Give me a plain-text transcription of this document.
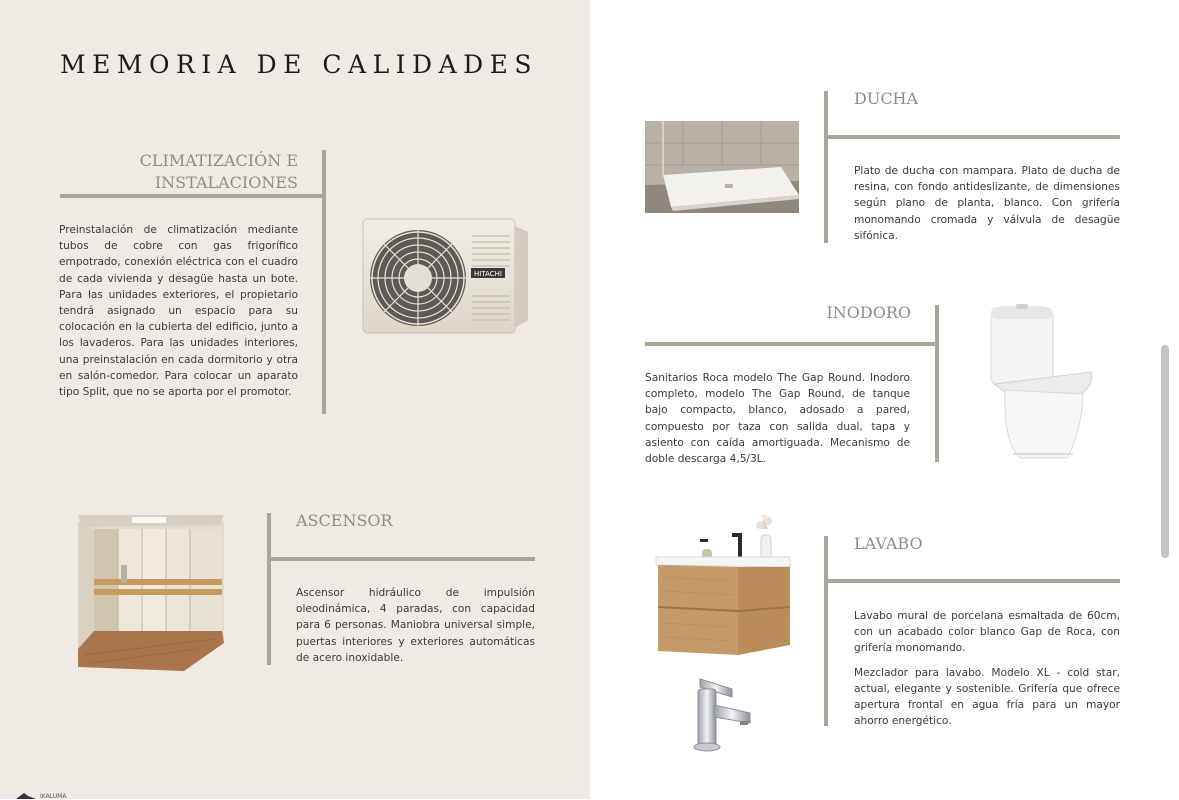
MEMORIA DE CALIDADES
CLIMATIZACIÓN E
INSTALACIONES
Preinstalación de climatización mediante tubos de cobre con gas frigorífico empotrado, conexión eléctrica con el cuadro de cada vivienda y desagüe hasta un bote. Para las unidades exteriores, el propietario tendrá asignado un espacio para su colocación en la cubierta del edificio, junto a los lavaderos. Para las unidades interiores, una preinstalación en cada dormitorio y otra en salón-comedor. Para colocar un aparato tipo Split, que no se aporta por el promotor.
HITACHI
ASCENSOR
Ascensor hidráulico de impulsión oleodinámica, 4 paradas, con capacidad para 6 personas. Maniobra universal simple, puertas interiores y exteriores automáticas de acero inoxidable.
DUCHA
Plato de ducha con mampara. Plato de ducha de resina, con fondo antideslizante, de dimensiones según plano de planta, blanco. Con grifería monomando cromada y válvula de desagüe sifónica.
INODORO
Sanitarios Roca modelo The Gap Round. Inodoro completo, modelo The Gap Round, de tanque bajo compacto, blanco, adosado a pared, compuesto por taza con salida dual, tapa y asiento con caída amortiguada. Mecanismo de doble descarga 4,5/3L.
LAVABO

Lavabo mural de porcelana esmaltada de 60cm, con un acabado color blanco Gap de Roca, con grifería monomando.

Mezclador para lavabo. Modelo XL - cold star, actual, elegante y sostenible. Grifería que ofrece apertura frontal en agua fría para un mayor ahorro energético.

IKALUMA
